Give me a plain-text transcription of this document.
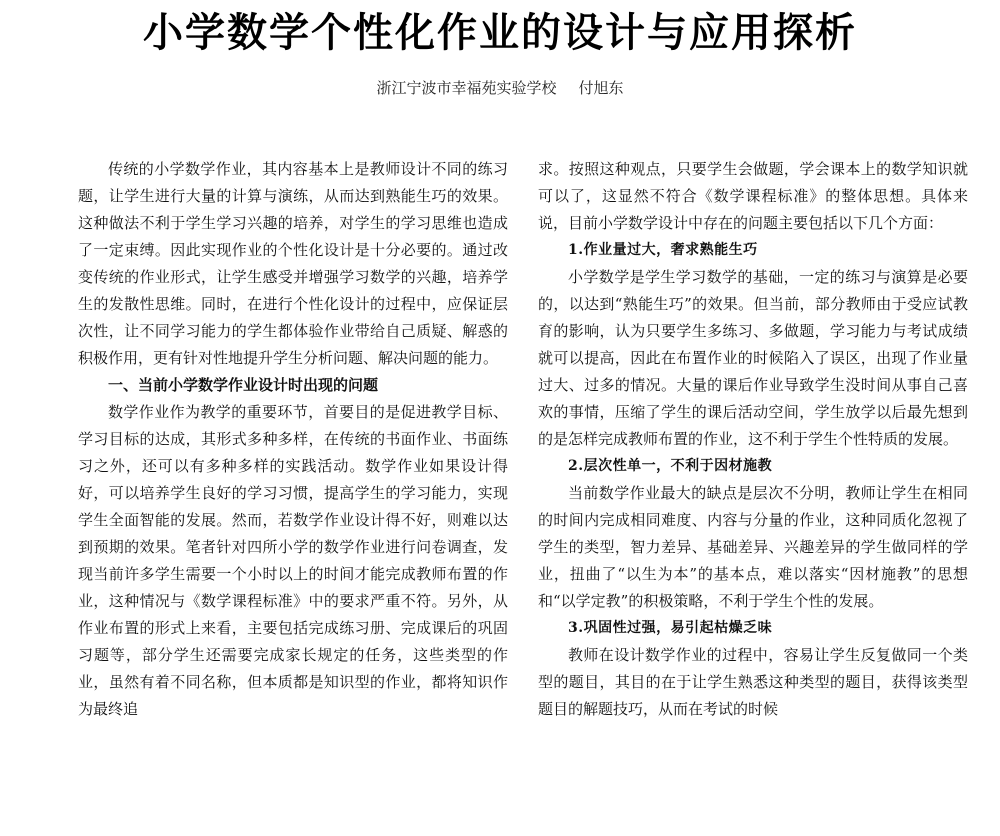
小学数学个性化作业的设计与应用探析
浙江宁波市幸福苑实验学校 付旭东

传统的小学数学作业，其内容基本上是教师设计不同的练习题，让学生进行大量的计算与演练，从而达到熟能生巧的效果。这种做法不利于学生学习兴趣的培养，对学生的学习思维也造成了一定束缚。因此实现作业的个性化设计是十分必要的。通过改变传统的作业形式，让学生感受并增强学习数学的兴趣，培养学生的发散性思维。同时，在进行个性化设计的过程中，应保证层次性，让不同学习能力的学生都体验作业带给自己质疑、解惑的积极作用，更有针对性地提升学生分析问题、解决问题的能力。

一、当前小学数学作业设计时出现的问题

数学作业作为教学的重要环节，首要目的是促进教学目标、学习目标的达成，其形式多种多样，在传统的书面作业、书面练习之外，还可以有多种多样的实践活动。数学作业如果设计得好，可以培养学生良好的学习习惯，提高学生的学习能力，实现学生全面智能的发展。然而，若数学作业设计得不好，则难以达到预期的效果。笔者针对四所小学的数学作业进行问卷调查，发现当前许多学生需要一个小时以上的时间才能完成教师布置的作业，这种情况与《数学课程标准》中的要求严重不符。另外，从作业布置的形式上来看，主要包括完成练习册、完成课后的巩固习题等，部分学生还需要完成家长规定的任务，这些类型的作业，虽然有着不同名称，但本质都是知识型的作业，都将知识作为最终追

求。按照这种观点，只要学生会做题，学会课本上的数学知识就可以了，这显然不符合《数学课程标准》的整体思想。具体来说，目前小学数学设计中存在的问题主要包括以下几个方面：

1.作业量过大，奢求熟能生巧

小学数学是学生学习数学的基础，一定的练习与演算是必要的，以达到“熟能生巧”的效果。但当前，部分教师由于受应试教育的影响，认为只要学生多练习、多做题，学习能力与考试成绩就可以提高，因此在布置作业的时候陷入了误区，出现了作业量过大、过多的情况。大量的课后作业导致学生没时间从事自己喜欢的事情，压缩了学生的课后活动空间，学生放学以后最先想到的是怎样完成教师布置的作业，这不利于学生个性特质的发展。

2.层次性单一，不利于因材施教

当前数学作业最大的缺点是层次不分明，教师让学生在相同的时间内完成相同难度、内容与分量的作业，这种同质化忽视了学生的类型，智力差异、基础差异、兴趣差异的学生做同样的学业，扭曲了“以生为本”的基本点，难以落实“因材施教”的思想和“以学定教”的积极策略，不利于学生个性的发展。

3.巩固性过强，易引起枯燥乏味

教师在设计数学作业的过程中，容易让学生反复做同一个类型的题目，其目的在于让学生熟悉这种类型的题目，获得该类型题目的解题技巧，从而在考试的时候
